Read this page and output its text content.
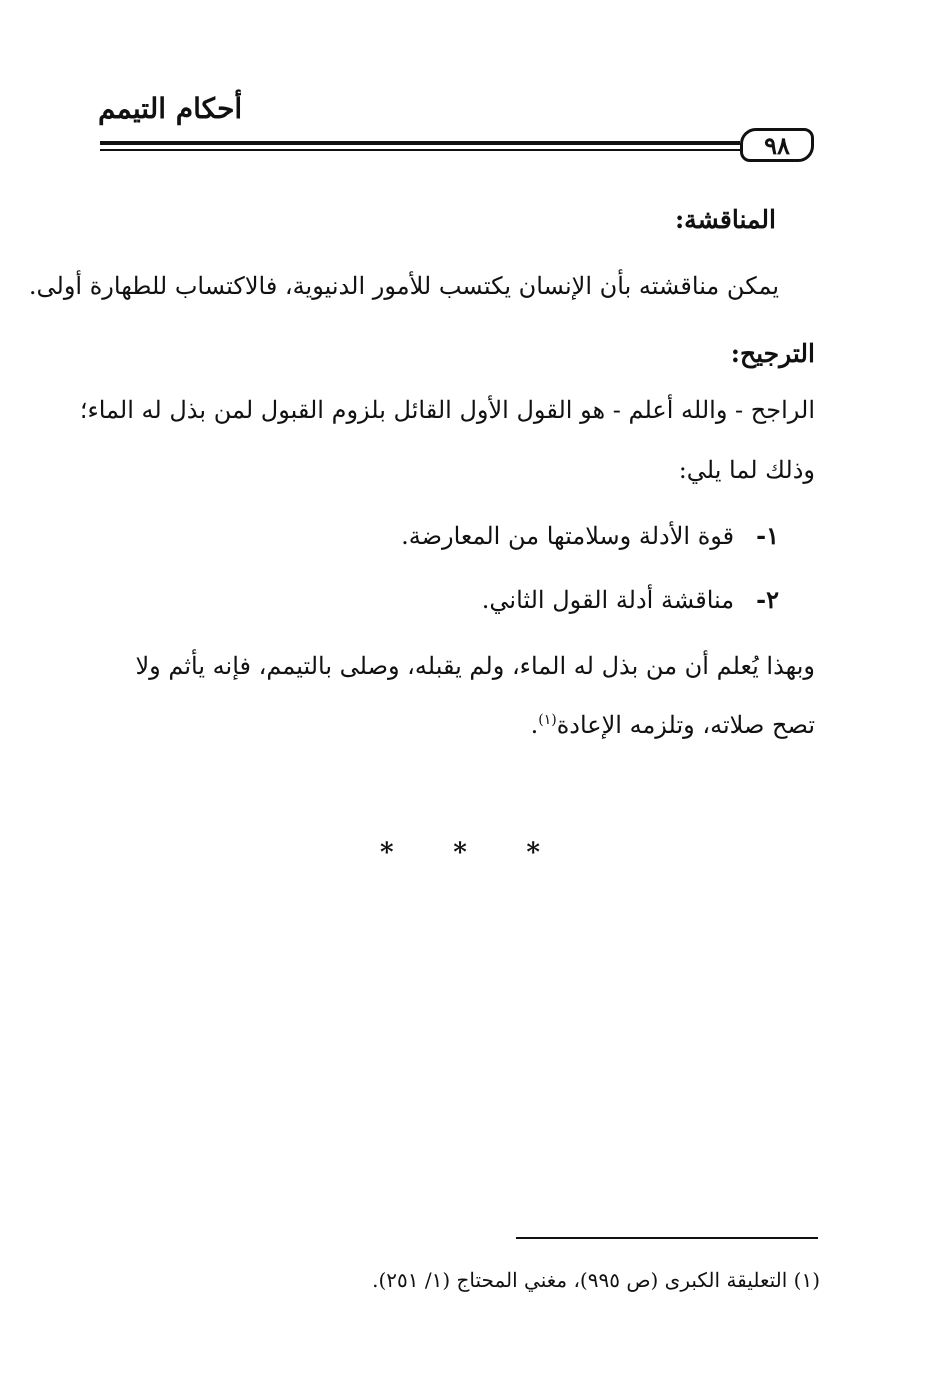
أحكام التيمم
٩٨
المناقشة:
يمكن مناقشته بأن الإنسان يكتسب للأمور الدنيوية، فالاكتساب للطهارة أولى.
الترجيح:
الراجح - والله أعلم - هو القول الأول القائل بلزوم القبول لمن بذل له الماء؛
وذلك لما يلي:
١-
قوة الأدلة وسلامتها من المعارضة.
٢-
مناقشة أدلة القول الثاني.
وبهذا يُعلم أن من بذل له الماء، ولم يقبله، وصلى بالتيمم، فإنه يأثم ولا
تصح صلاته، وتلزمه الإعادة$^{(١)}$.
* * *
(١) التعليقة الكبرى (ص ٩٩٥)، مغني المحتاج (١/ ٢٥١).
